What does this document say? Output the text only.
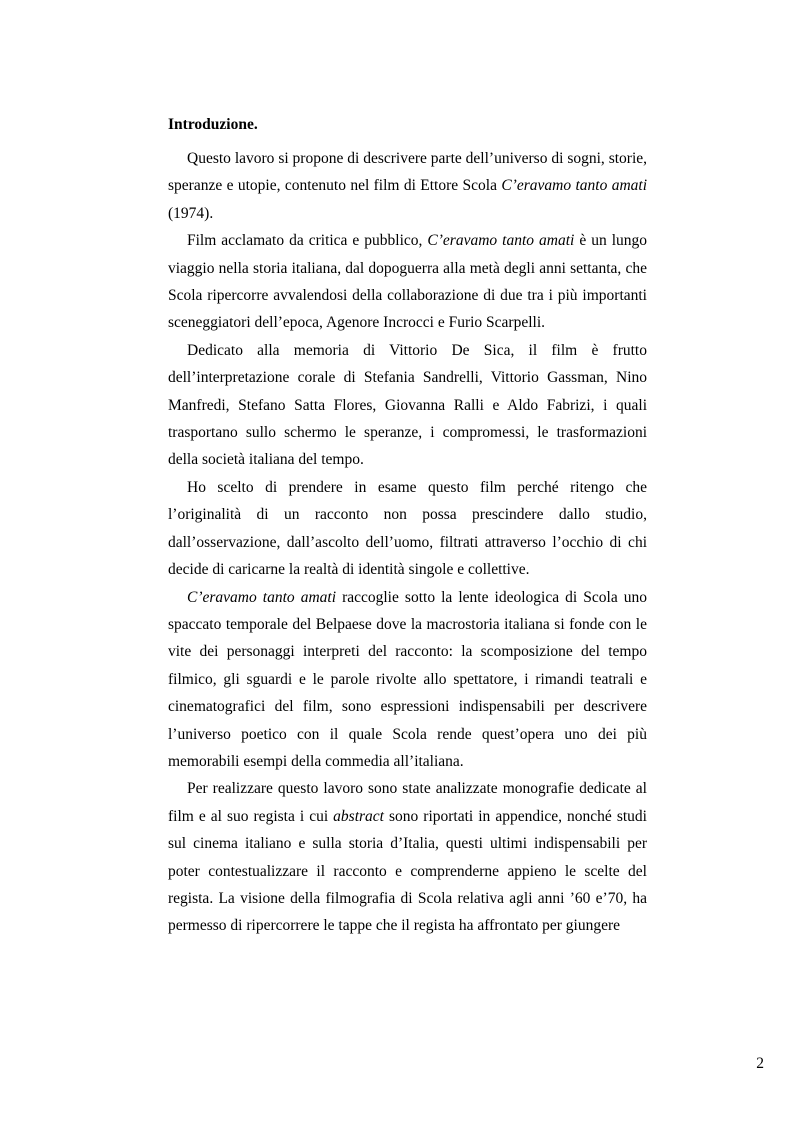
Introduzione.

Questo lavoro si propone di descrivere parte dell’universo di sogni, storie, speranze e utopie, contenuto nel film di Ettore Scola C’eravamo tanto amati (1974).

Film acclamato da critica e pubblico, C’eravamo tanto amati è un lungo viaggio nella storia italiana, dal dopoguerra alla metà degli anni settanta, che Scola ripercorre avvalendosi della collaborazione di due tra i più importanti sceneggiatori dell’epoca, Agenore Incrocci e Furio Scarpelli.

Dedicato alla memoria di Vittorio De Sica, il film è frutto dell’interpretazione corale di Stefania Sandrelli, Vittorio Gassman, Nino Manfredi, Stefano Satta Flores, Giovanna Ralli e Aldo Fabrizi, i quali trasportano sullo schermo le speranze, i compromessi, le trasformazioni della società italiana del tempo.

Ho scelto di prendere in esame questo film perché ritengo che l’originalità di un racconto non possa prescindere dallo studio, dall’osservazione, dall’ascolto dell’uomo, filtrati attraverso l’occhio di chi decide di caricarne la realtà di identità singole e collettive.

C’eravamo tanto amati raccoglie sotto la lente ideologica di Scola uno spaccato temporale del Belpaese dove la macrostoria italiana si fonde con le vite dei personaggi interpreti del racconto: la scomposizione del tempo filmico, gli sguardi e le parole rivolte allo spettatore, i rimandi teatrali e cinematografici del film, sono espressioni indispensabili per descrivere l’universo poetico con il quale Scola rende quest’opera uno dei più memorabili esempi della commedia all’italiana.

Per realizzare questo lavoro sono state analizzate monografie dedicate al film e al suo regista i cui abstract sono riportati in appendice, nonché studi sul cinema italiano e sulla storia d’Italia, questi ultimi indispensabili per poter contestualizzare il racconto e comprenderne appieno le scelte del regista. La visione della filmografia di Scola relativa agli anni ’60 e’70, ha permesso di ripercorrere le tappe che il regista ha affrontato per giungere

2
